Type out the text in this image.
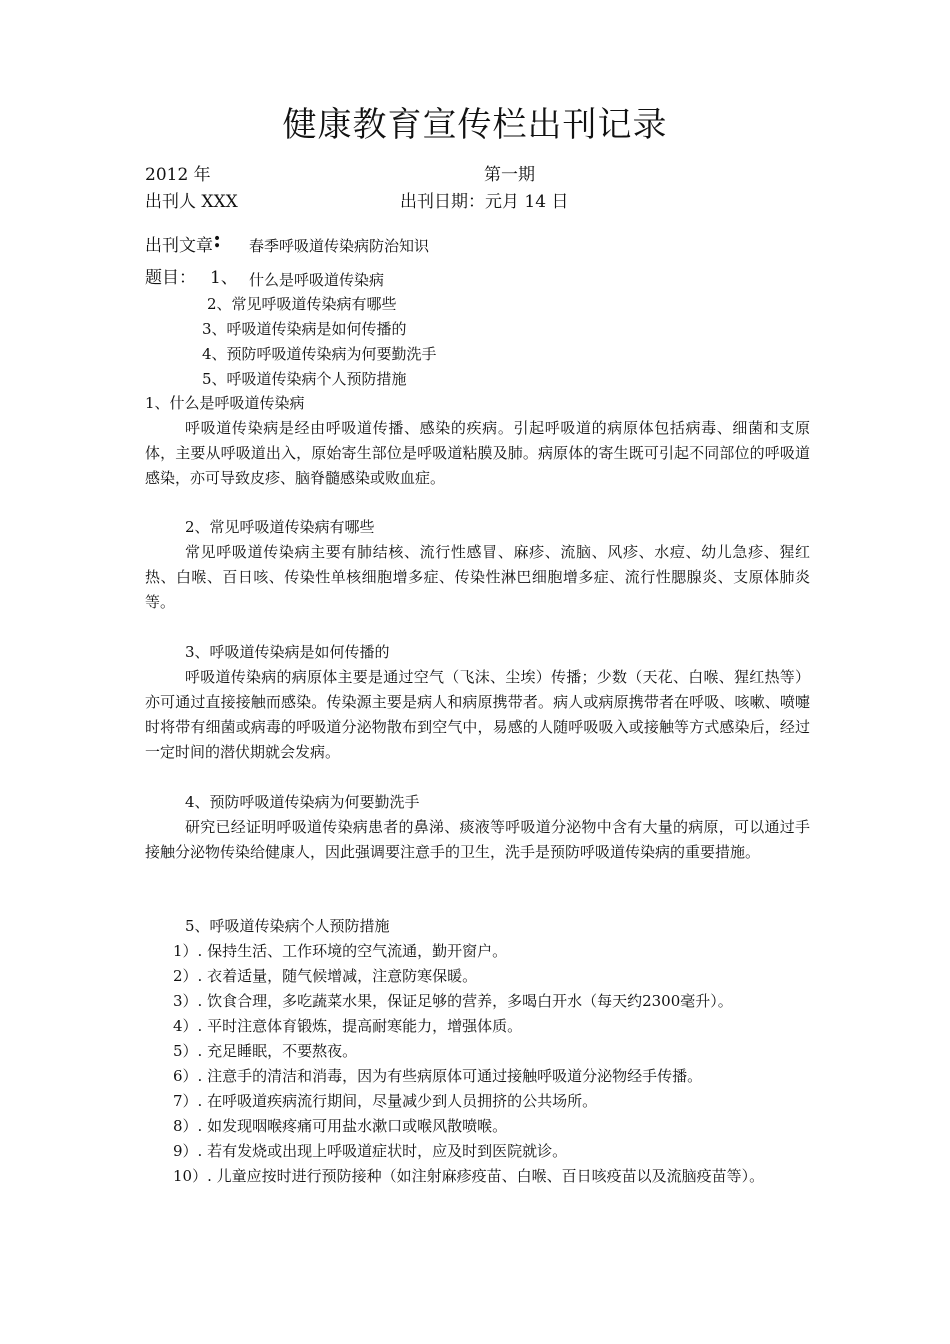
健康教育宣传栏出刊记录
2012 年	第一期
出刊人 XXX	出刊日期：元月 14 日
出刊文章: 春季呼吸道传染病防治知识
题目： 1、 什么是呼吸道传染病
2、常见呼吸道传染病有哪些
3、呼吸道传染病是如何传播的
4、预防呼吸道传染病为何要勤洗手
5、呼吸道传染病个人预防措施

1、什么是呼吸道传染病

呼吸道传染病是经由呼吸道传播、感染的疾病。引起呼吸道的病原体包括病毒、细菌和支原体，主要从呼吸道出入，原始寄生部位是呼吸道粘膜及肺。病原体的寄生既可引起不同部位的呼吸道感染，亦可导致皮疹、脑脊髓感染或败血症。

2、常见呼吸道传染病有哪些

常见呼吸道传染病主要有肺结核、流行性感冒、麻疹、流脑、风疹、水痘、幼儿急疹、猩红热、白喉、百日咳、传染性单核细胞增多症、传染性淋巴细胞增多症、流行性腮腺炎、支原体肺炎等。

3、呼吸道传染病是如何传播的

呼吸道传染病的病原体主要是通过空气（飞沫、尘埃）传播；少数（天花、白喉、猩红热等）亦可通过直接接触而感染。传染源主要是病人和病原携带者。病人或病原携带者在呼吸、咳嗽、喷嚏时将带有细菌或病毒的呼吸道分泌物散布到空气中，易感的人随呼吸吸入或接触等方式感染后，经过一定时间的潜伏期就会发病。

4、预防呼吸道传染病为何要勤洗手

研究已经证明呼吸道传染病患者的鼻涕、痰液等呼吸道分泌物中含有大量的病原，可以通过手接触分泌物传染给健康人，因此强调要注意手的卫生，洗手是预防呼吸道传染病的重要措施。

5、呼吸道传染病个人预防措施

1）. 保持生活、工作环境的空气流通，勤开窗户。
2）. 衣着适量，随气候增减，注意防寒保暖。
3）. 饮食合理，多吃蔬菜水果，保证足够的营养，多喝白开水（每天约2300毫升）。
4）. 平时注意体育锻炼，提高耐寒能力，增强体质。
5）. 充足睡眠，不要熬夜。
6）. 注意手的清洁和消毒，因为有些病原体可通过接触呼吸道分泌物经手传播。
7）. 在呼吸道疾病流行期间，尽量减少到人员拥挤的公共场所。
8）. 如发现咽喉疼痛可用盐水漱口或喉风散喷喉。
9）. 若有发烧或出现上呼吸道症状时，应及时到医院就诊。
10）. 儿童应按时进行预防接种（如注射麻疹疫苗、白喉、百日咳疫苗以及流脑疫苗等）。
